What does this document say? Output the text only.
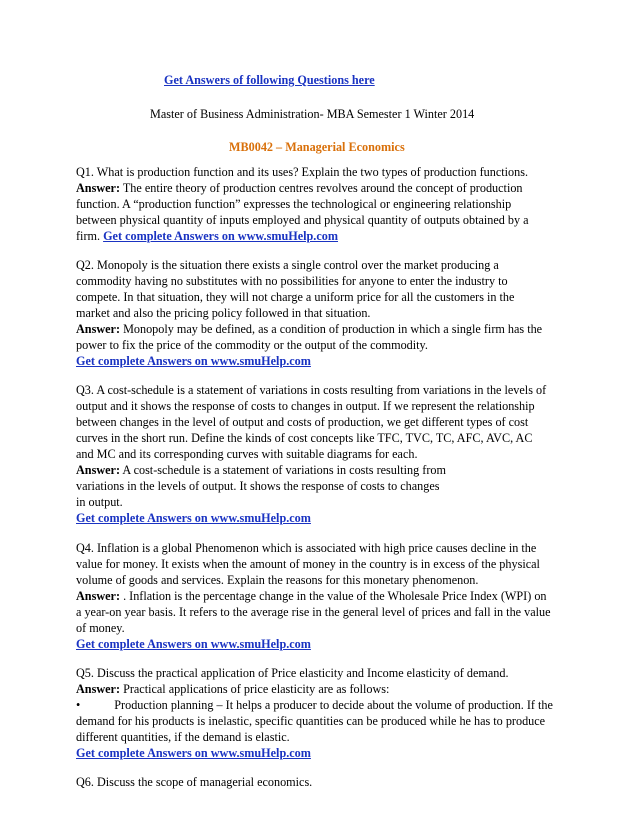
Get Answers of following Questions here
Master of Business Administration- MBA Semester 1 Winter 2014
MB0042 – Managerial Economics
Q1. What is production function and its uses? Explain the two types of production functions.
Answer: The entire theory of production centres revolves around the concept of production
function. A “production function” expresses the technological or engineering relationship
between physical quantity of inputs employed and physical quantity of outputs obtained by a
firm. Get complete Answers on www.smuHelp.com
Q2. Monopoly is the situation there exists a single control over the market producing a
commodity having no substitutes with no possibilities for anyone to enter the industry to
compete. In that situation, they will not charge a uniform price for all the customers in the
market and also the pricing policy followed in that situation.
Answer: Monopoly may be defined, as a condition of production in which a single firm has the
power to fix the price of the commodity or the output of the commodity.
Get complete Answers on www.smuHelp.com
Q3. A cost-schedule is a statement of variations in costs resulting from variations in the levels of
output and it shows the response of costs to changes in output. If we represent the relationship
between changes in the level of output and costs of production, we get different types of cost
curves in the short run. Define the kinds of cost concepts like TFC, TVC, TC, AFC, AVC, AC
and MC and its corresponding curves with suitable diagrams for each.
Answer: A cost-schedule is a statement of variations in costs resulting from
variations in the levels of output. It shows the response of costs to changes
in output.
Get complete Answers on www.smuHelp.com
Q4. Inflation is a global Phenomenon which is associated with high price causes decline in the
value for money. It exists when the amount of money in the country is in excess of the physical
volume of goods and services. Explain the reasons for this monetary phenomenon.
Answer: . Inflation is the percentage change in the value of the Wholesale Price Index (WPI) on
a year-on year basis. It refers to the average rise in the general level of prices and fall in the value
of money.
Get complete Answers on www.smuHelp.com
Q5. Discuss the practical application of Price elasticity and Income elasticity of demand.
Answer: Practical applications of price elasticity are as follows:
•	Production planning – It helps a producer to decide about the volume of production. If the
demand for his products is inelastic, specific quantities can be produced while he has to produce
different quantities, if the demand is elastic.
Get complete Answers on www.smuHelp.com
Q6. Discuss the scope of managerial economics.
